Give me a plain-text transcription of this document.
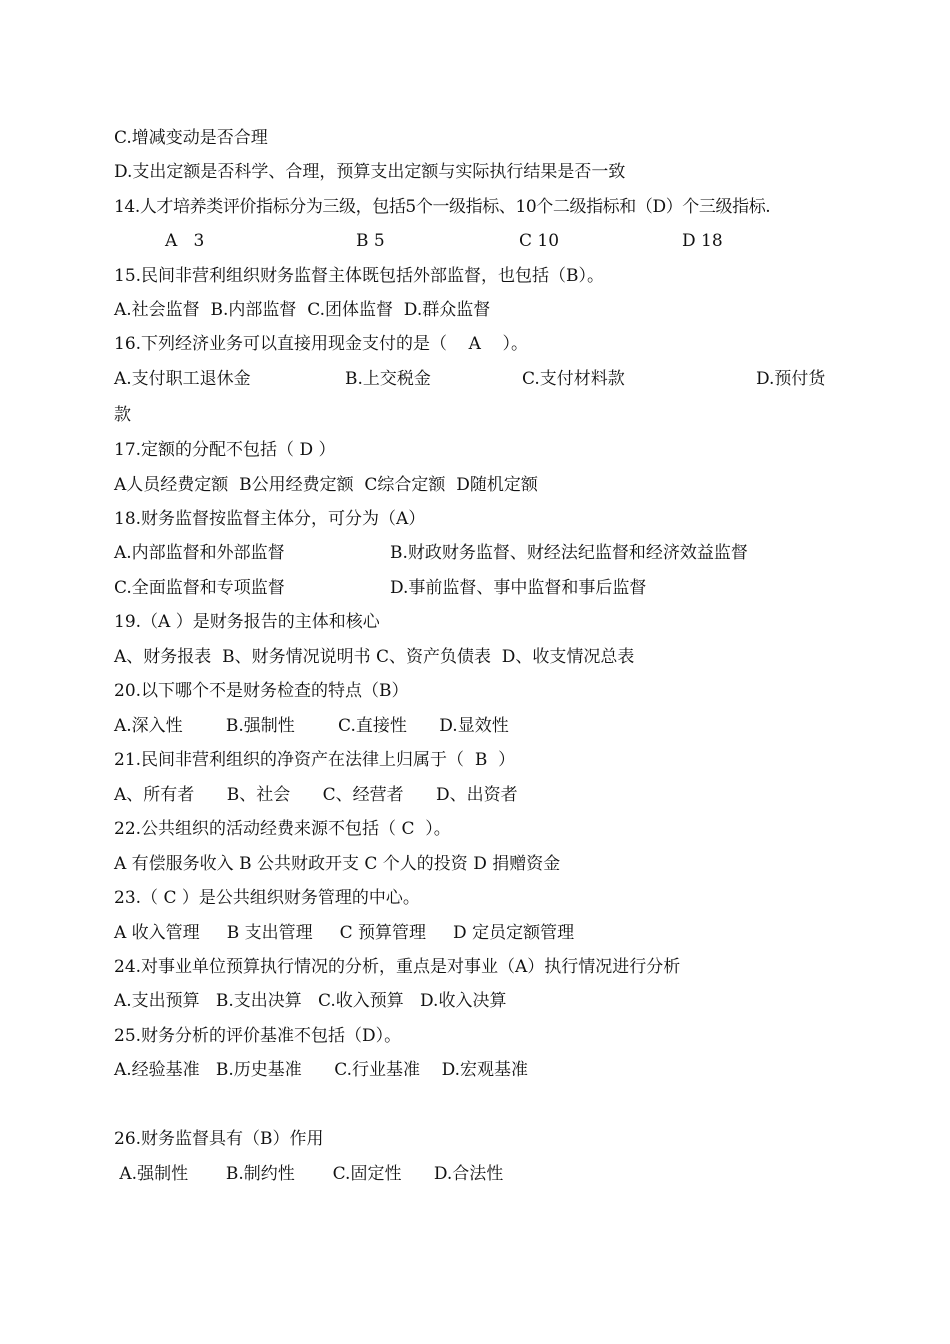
C.增减变动是否合理
D.支出定额是否科学、合理，预算支出定额与实际执行结果是否一致
14.人才培养类评价指标分为三级，包括5个一级指标、10个二级指标和（D）个三级指标.
A   3	B 5	C 10	D 18
15.民间非营利组织财务监督主体既包括外部监督，也包括（B）。
A.社会监督  B.内部监督  C.团体监督  D.群众监督
16.下列经济业务可以直接用现金支付的是（    A    ）。
A.支付职工退休金	B.上交税金	C.支付材料款	D.预付货
款
17.定额的分配不包括（ D ）
A人员经费定额  B公用经费定额  C综合定额  D随机定额
18.财务监督按监督主体分，可分为（A）
A.内部监督和外部监督	B.财政财务监督、财经法纪监督和经济效益监督
C.全面监督和专项监督	D.事前监督、事中监督和事后监督
19.（A ）是财务报告的主体和核心
A、财务报表  B、财务情况说明书 C、资产负债表  D、收支情况总表
20.以下哪个不是财务检查的特点（B）
A.深入性        B.强制性        C.直接性      D.显效性
21.民间非营利组织的净资产在法律上归属于（  B  ）
A、所有者      B、社会      C、经营者      D、出资者
22.公共组织的活动经费来源不包括（ C  ）。
A 有偿服务收入 B 公共财政开支 C 个人的投资 D 捐赠资金
23.（ C ）是公共组织财务管理的中心。
A 收入管理     B 支出管理     C 预算管理     D 定员定额管理
24.对事业单位预算执行情况的分析，重点是对事业（A）执行情况进行分析
A.支出预算   B.支出决算   C.收入预算   D.收入决算
25.财务分析的评价基准不包括（D）。
A.经验基准   B.历史基准      C.行业基准    D.宏观基准
26.财务监督具有（B）作用
A.强制性       B.制约性       C.固定性      D.合法性
